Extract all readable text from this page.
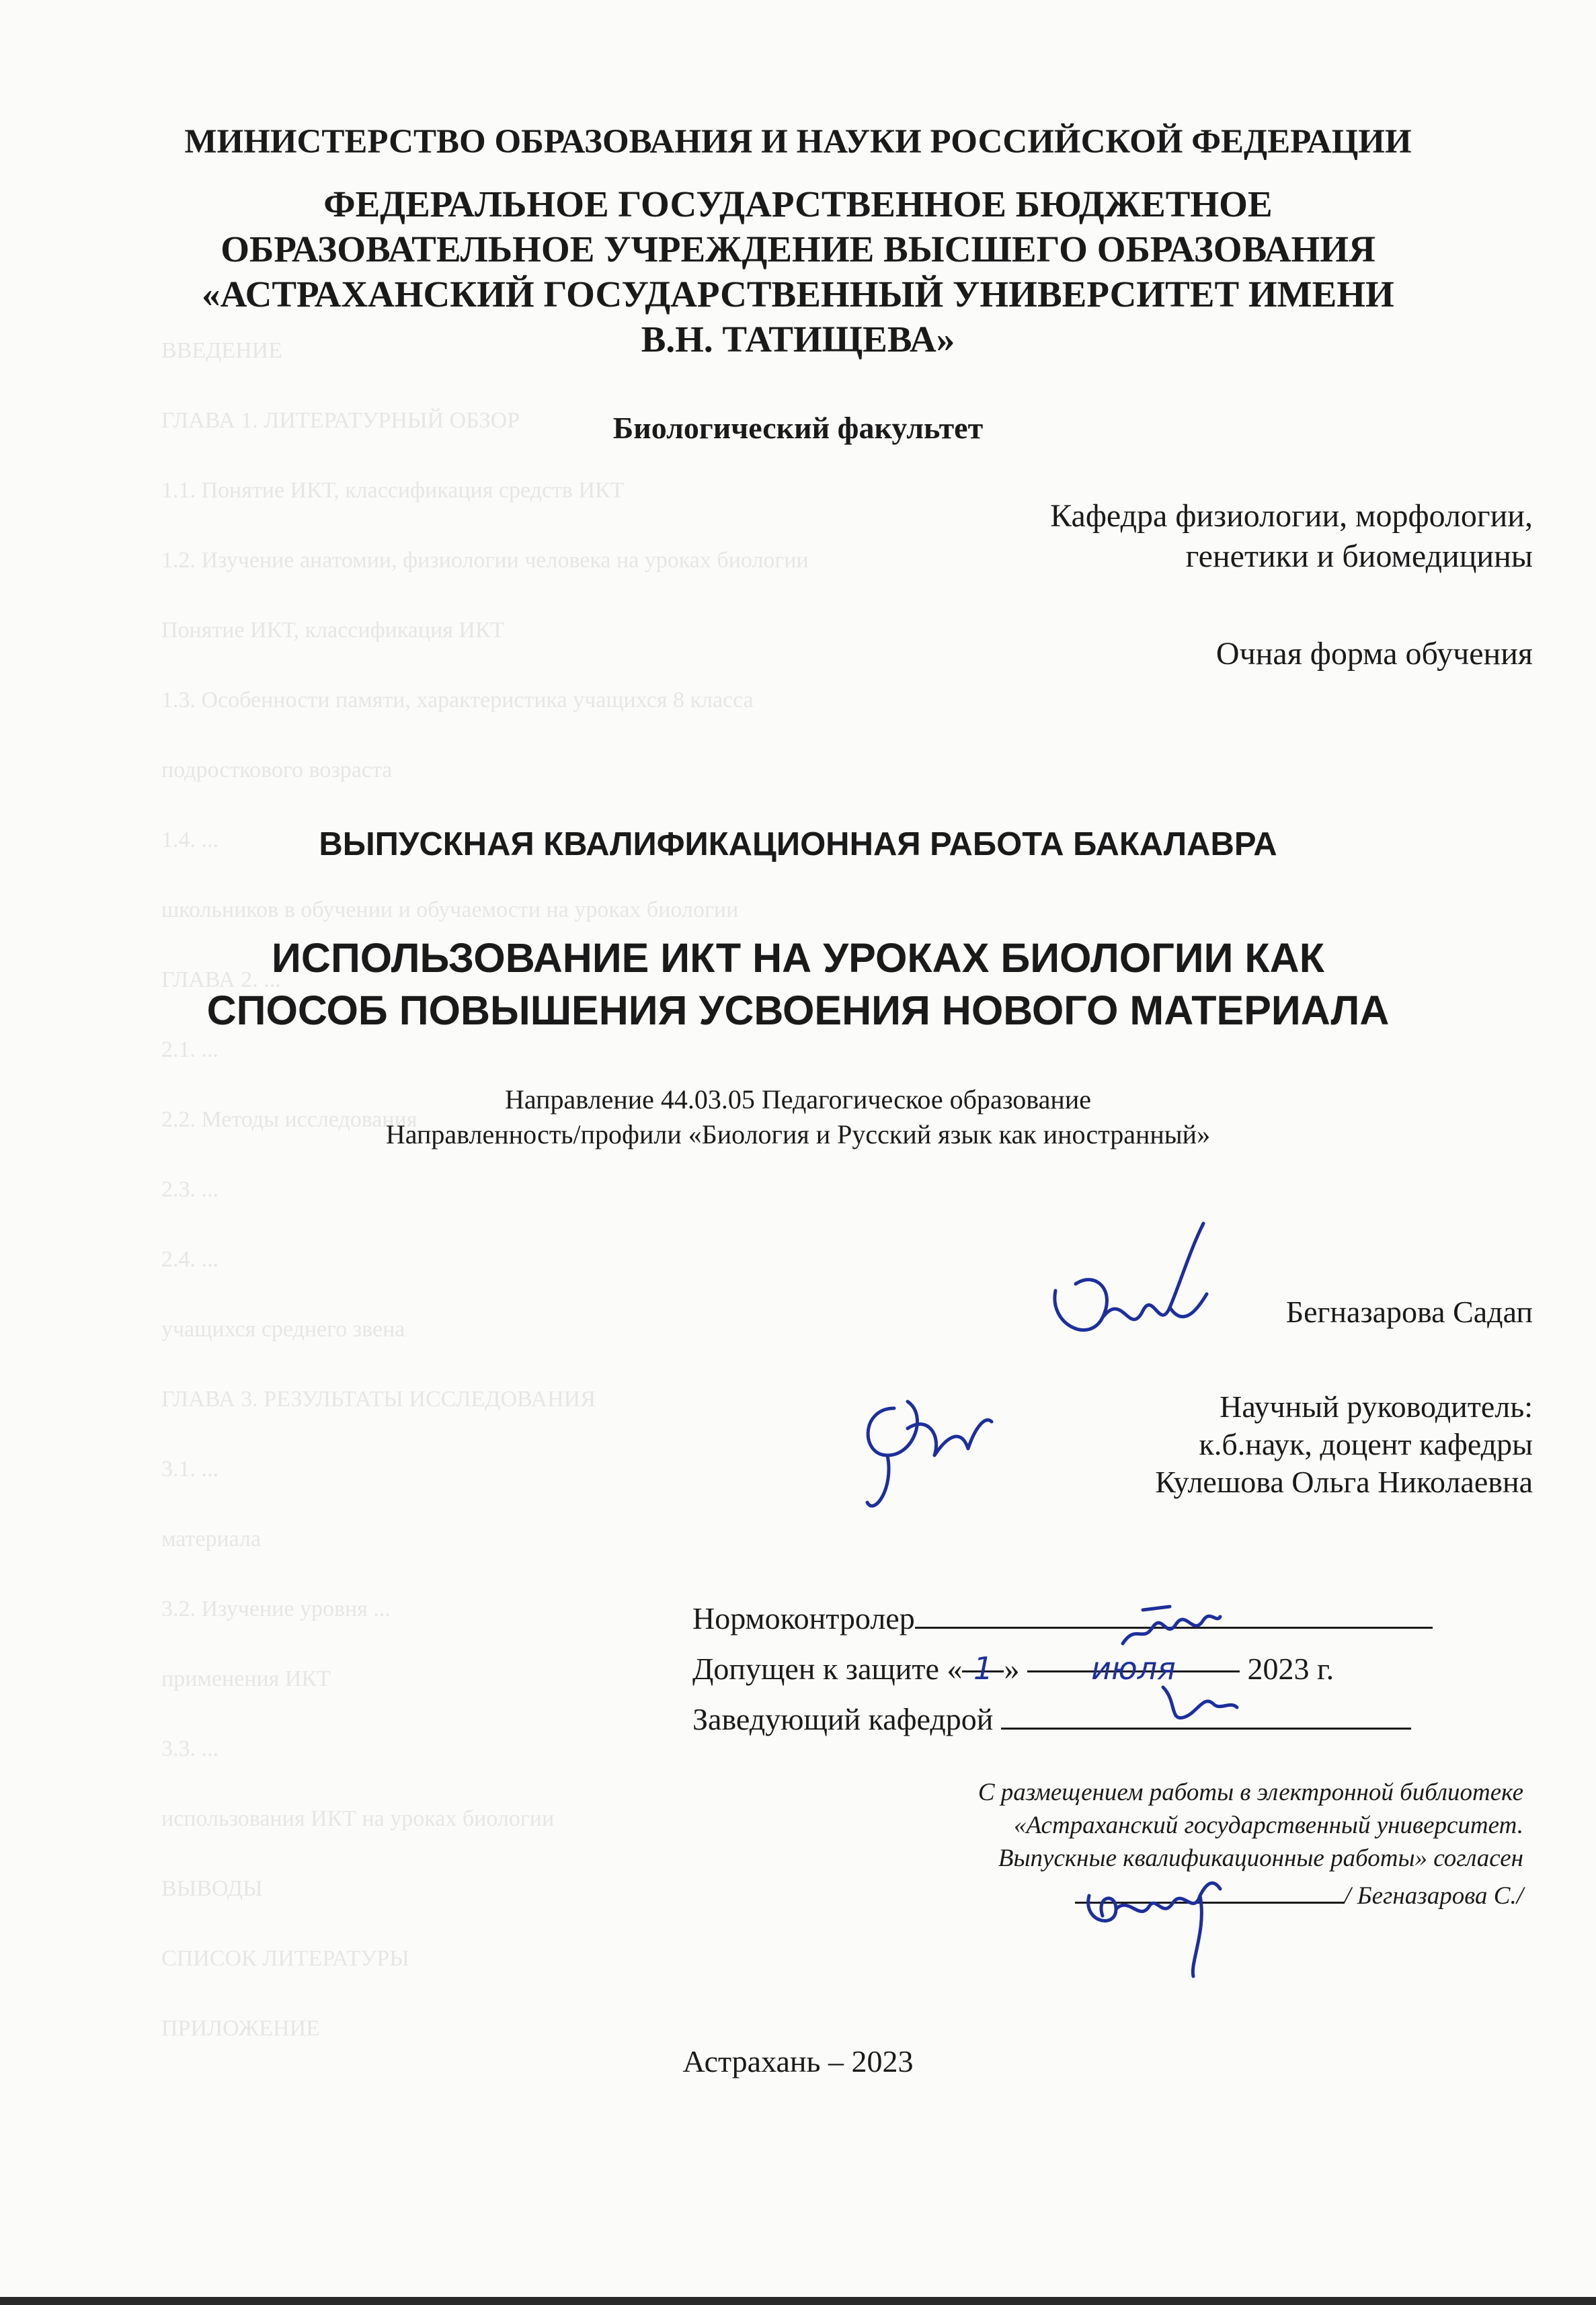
ВВЕДЕНИЕ
ГЛАВА 1. ЛИТЕРАТУРНЫЙ ОБЗОР
1.1. Понятие ИКТ, классификация средств ИКТ
1.2. Изучение анатомии, физиологии человека на уроках биологии
Понятие ИКТ, классификация ИКТ
1.3. Особенности памяти, характеристика учащихся 8 класса
подросткового возраста
1.4. ...
школьников в обучении и обучаемости на уроках биологии
ГЛАВА 2. ...
2.1. ...
2.2. Методы исследования
2.3. ...
2.4. ...
учащихся среднего звена
ГЛАВА 3. РЕЗУЛЬТАТЫ ИССЛЕДОВАНИЯ
3.1. ...
материала
3.2. Изучение уровня ...
применения ИКТ
3.3. ...
использования ИКТ на уроках биологии
ВЫВОДЫ
СПИСОК ЛИТЕРАТУРЫ
ПРИЛОЖЕНИЕ
МИНИСТЕРСТВО ОБРАЗОВАНИЯ И НАУКИ РОССИЙСКОЙ ФЕДЕРАЦИИ
ФЕДЕРАЛЬНОЕ ГОСУДАРСТВЕННОЕ БЮДЖЕТНОЕ
ОБРАЗОВАТЕЛЬНОЕ УЧРЕЖДЕНИЕ ВЫСШЕГО ОБРАЗОВАНИЯ
«АСТРАХАНСКИЙ ГОСУДАРСТВЕННЫЙ УНИВЕРСИТЕТ ИМЕНИ
В.Н. ТАТИЩЕВА»
Биологический факультет
Кафедра физиологии, морфологии,
генетики и биомедицины
Очная форма обучения
ВЫПУСКНАЯ КВАЛИФИКАЦИОННАЯ РАБОТА БАКАЛАВРА
ИСПОЛЬЗОВАНИЕ ИКТ НА УРОКАХ БИОЛОГИИ КАК
СПОСОБ ПОВЫШЕНИЯ УСВОЕНИЯ НОВОГО МАТЕРИАЛА
Направление 44.03.05 Педагогическое образование
Направленность/профили «Биология и Русский язык как иностранный»
Бегназарова Садап
Научный руководитель:
к.б.наук, доцент кафедры
Кулешова Ольга Николаевна
Нормоконтролер
Допущен к защите « 1 » июля 2023 г.
Заведующий кафедрой
С размещением работы в электронной библиотеке
«Астраханский государственный университет.
Выпускные квалификационные работы» согласен
/ Бегназарова С./
Астрахань – 2023
